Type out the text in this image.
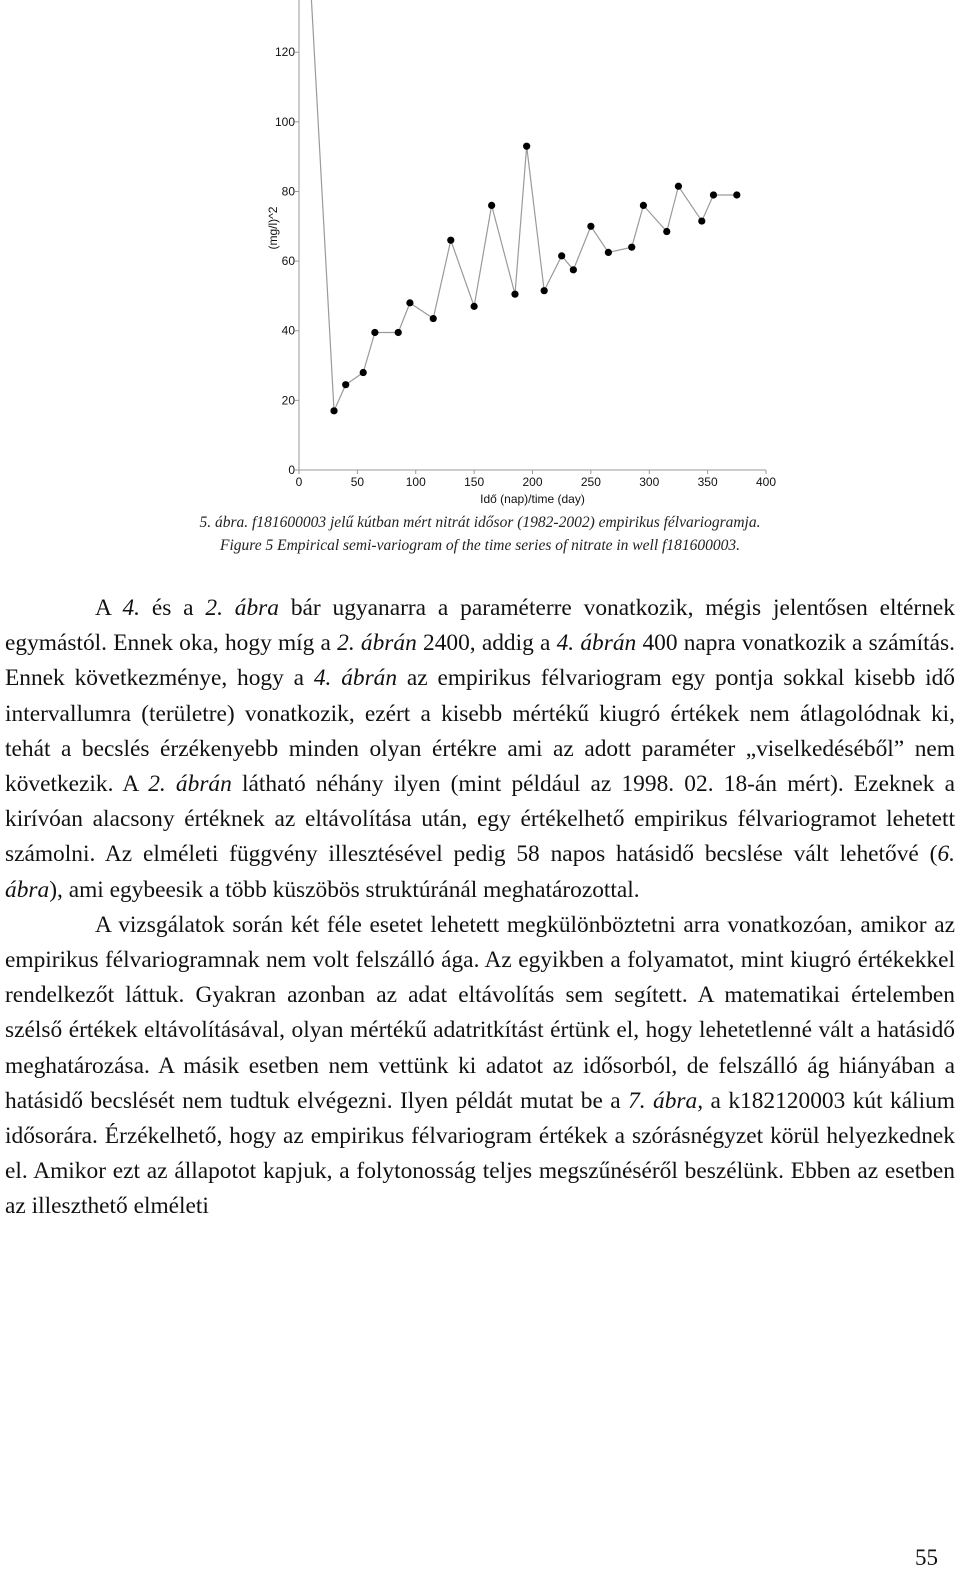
0
20
40
60
80
100
120
0	50	100	150	200	250	300	350	400
Idő (nap)/time (day)
(mg/l)^2
5. ábra. f181600003 jelű kútban mért nitrát idősor (1982-2002) empirikus félvariogramja.
Figure 5 Empirical semi-variogram of the time series of nitrate in well f181600003.

A 4. és a 2. ábra bár ugyanarra a paraméterre vonatkozik, mégis jelentősen eltérnek egymástól. Ennek oka, hogy míg a 2. ábrán 2400, addig a 4. ábrán 400 napra vonatkozik a számítás. Ennek következménye, hogy a 4. ábrán az empirikus félvariogram egy pontja sokkal kisebb idő intervallumra (területre) vonatkozik, ezért a kisebb mértékű kiugró értékek nem átlagolódnak ki, tehát a becslés érzékenyebb minden olyan értékre ami az adott paraméter „viselkedéséből” nem következik. A 2. ábrán látható néhány ilyen (mint például az 1998. 02. 18-án mért). Ezeknek a kirívóan alacsony értéknek az eltávolítása után, egy értékelhető empirikus félvariogramot lehetett számolni. Az elméleti függvény illesztésével pedig 58 napos hatásidő becslése vált lehetővé (6. ábra), ami egybeesik a több küszöbös struktúránál meghatározottal.

A vizsgálatok során két féle esetet lehetett megkülönböztetni arra vonatkozóan, amikor az empirikus félvariogramnak nem volt felszálló ága. Az egyikben a folyamatot, mint kiugró értékekkel rendelkezőt láttuk. Gyakran azonban az adat eltávolítás sem segített. A matematikai értelemben szélső értékek eltávolításával, olyan mértékű adatritkítást értünk el, hogy lehetetlenné vált a hatásidő meghatározása. A másik esetben nem vettünk ki adatot az idősorból, de felszálló ág hiányában a hatásidő becslését nem tudtuk elvégezni. Ilyen példát mutat be a 7. ábra, a k182120003 kút kálium idősorára. Érzékelhető, hogy az empirikus félvariogram értékek a szórásnégyzet körül helyezkednek el. Amikor ezt az állapotot kapjuk, a folytonosság teljes megszűnéséről beszélünk. Ebben az esetben az illeszthető elméleti

55
